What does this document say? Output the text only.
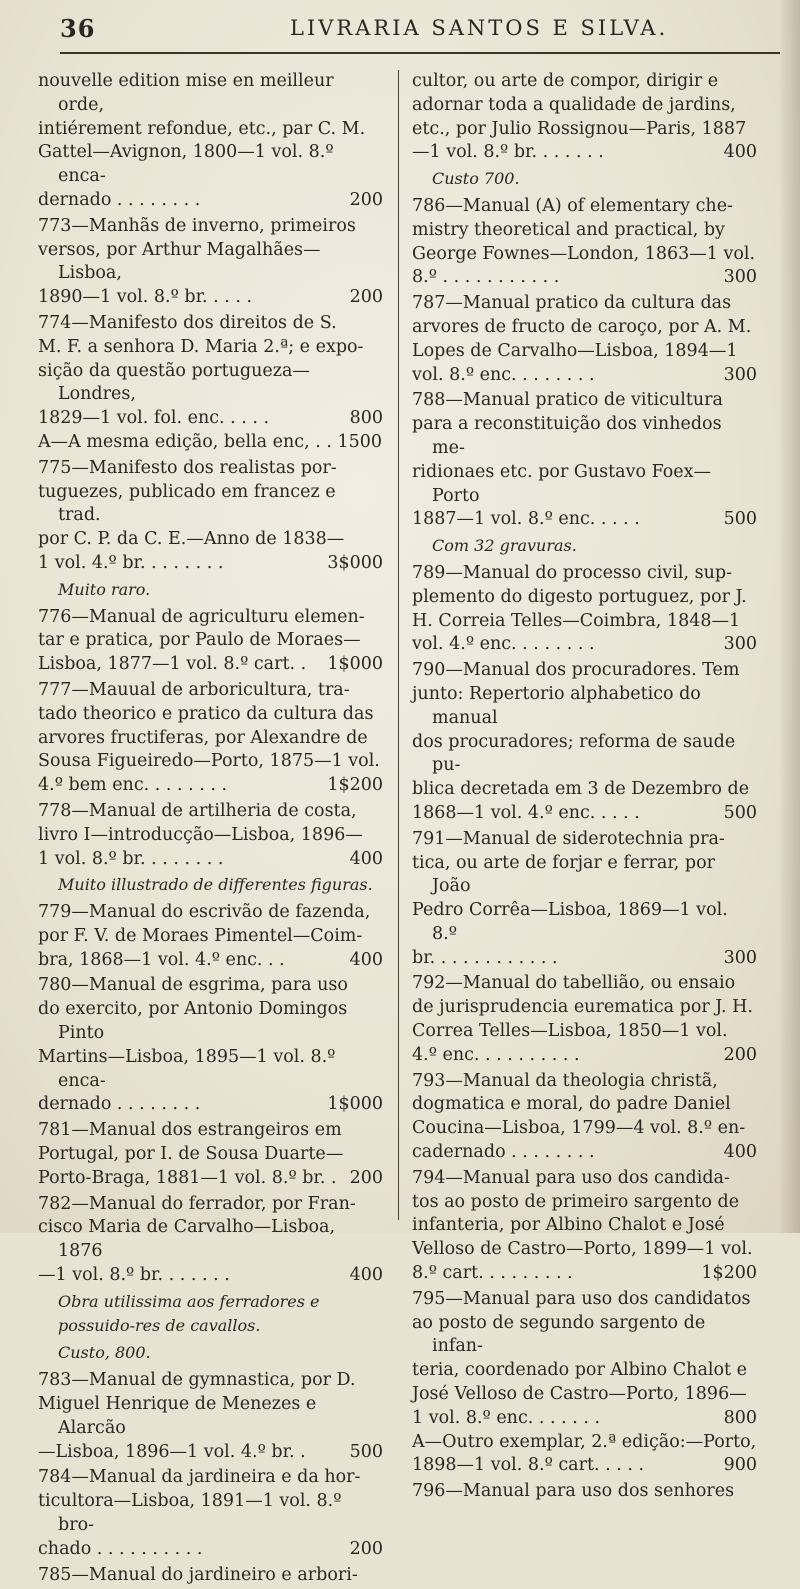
36	LIVRARIA SANTOS E SILVA.
nouvelle edition mise en meilleur orde,
intiérement refondue, etc., par C. M.
Gattel—Avignon, 1800—1 vol. 8.º enca-
dernado . . . . . . . .	200
773—Manhãs de inverno, primeiros
versos, por Arthur Magalhães—Lisboa,
1890—1 vol. 8.º br. . . . .	200
774—Manifesto dos direitos de S.
M. F. a senhora D. Maria 2.ª; e expo-
sição da questão portugueza—Londres,
1829—1 vol. fol. enc. . . . .	800
A—A mesma edição, bella enc, . . 1500
775—Manifesto dos realistas por-
tuguezes, publicado em francez e trad.
por C. P. da C. E.—Anno de 1838—
1 vol. 4.º br. . . . . . . .	3$000
Muito raro.
776—Manual de agriculturu elemen-
tar e pratica, por Paulo de Moraes—
Lisboa, 1877—1 vol. 8.º cart. . 1$000
777—Mauual de arboricultura, tra-
tado theorico e pratico da cultura das
arvores fructiferas, por Alexandre de
Sousa Figueiredo—Porto, 1875—1 vol.
4.º bem enc. . . . . . . .	1$200
778—Manual de artilheria de costa,
livro I—introducção—Lisboa, 1896—
1 vol. 8.º br. . . . . . . .	400
Muito illustrado de differentes figuras.
779—Manual do escrivão de fazenda,
por F. V. de Moraes Pimentel—Coim-
bra, 1868—1 vol. 4.º enc. . .	400
780—Manual de esgrima, para uso
do exercito, por Antonio Domingos Pinto
Martins—Lisboa, 1895—1 vol. 8.º enca-
dernado . . . . . . . .	1$000
781—Manual dos estrangeiros em
Portugal, por I. de Sousa Duarte—
Porto-Braga, 1881—1 vol. 8.º br. . 200
782—Manual do ferrador, por Fran-
cisco Maria de Carvalho—Lisboa, 1876
—1 vol. 8.º br. . . . . . .	400
Obra utilissima aos ferradores e possuido-res de cavallos.
Custo, 800.
783—Manual de gymnastica, por D.
Miguel Henrique de Menezes e Alarcão
—Lisboa, 1896—1 vol. 4.º br. .	500
784—Manual da jardineira e da hor-
ticultora—Lisboa, 1891—1 vol. 8.º bro-
chado . . . . . . . . . .	200
785—Manual do jardineiro e arbori-
cultor, ou arte de compor, dirigir e
adornar toda a qualidade de jardins,
etc., por Julio Rossignou—Paris, 1887
—1 vol. 8.º br. . . . . . .	400
Custo 700.
786—Manual (A) of elementary che-
mistry theoretical and practical, by
George Fownes—London, 1863—1 vol.
8.º . . . . . . . . . . .	300
787—Manual pratico da cultura das
arvores de fructo de caroço, por A. M.
Lopes de Carvalho—Lisboa, 1894—1
vol. 8.º enc. . . . . . . .	300
788—Manual pratico de viticultura
para a reconstituição dos vinhedos me-
ridionaes etc. por Gustavo Foex—Porto
1887—1 vol. 8.º enc. . . . .	500
Com 32 gravuras.
789—Manual do processo civil, sup-
plemento do digesto portuguez, por J.
H. Correia Telles—Coimbra, 1848—1
vol. 4.º enc. . . . . . . .	300
790—Manual dos procuradores. Tem
junto: Repertorio alphabetico do manual
dos procuradores; reforma de saude pu-
blica decretada em 3 de Dezembro de
1868—1 vol. 4.º enc. . . . .	500
791—Manual de siderotechnia pra-
tica, ou arte de forjar e ferrar, por João
Pedro Corrêa—Lisboa, 1869—1 vol. 8.º
br. . . . . . . . . . . .	300
792—Manual do tabellião, ou ensaio
de jurisprudencia eurematica por J. H.
Correa Telles—Lisboa, 1850—1 vol.
4.º enc. . . . . . . . . .	200
793—Manual da theologia christã,
dogmatica e moral, do padre Daniel
Coucina—Lisboa, 1799—4 vol. 8.º en-
cadernado . . . . . . . .	400
794—Manual para uso dos candida-
tos ao posto de primeiro sargento de
infanteria, por Albino Chalot e José
Velloso de Castro—Porto, 1899—1 vol.
8.º cart. . . . . . . . .	1$200
795—Manual para uso dos candidatos
ao posto de segundo sargento de infan-
teria, coordenado por Albino Chalot e
José Velloso de Castro—Porto, 1896—
1 vol. 8.º enc. . . . . . .	800
A—Outro exemplar, 2.ª edição:—Porto,
1898—1 vol. 8.º cart. . . . .	900
796—Manual para uso dos senhores
